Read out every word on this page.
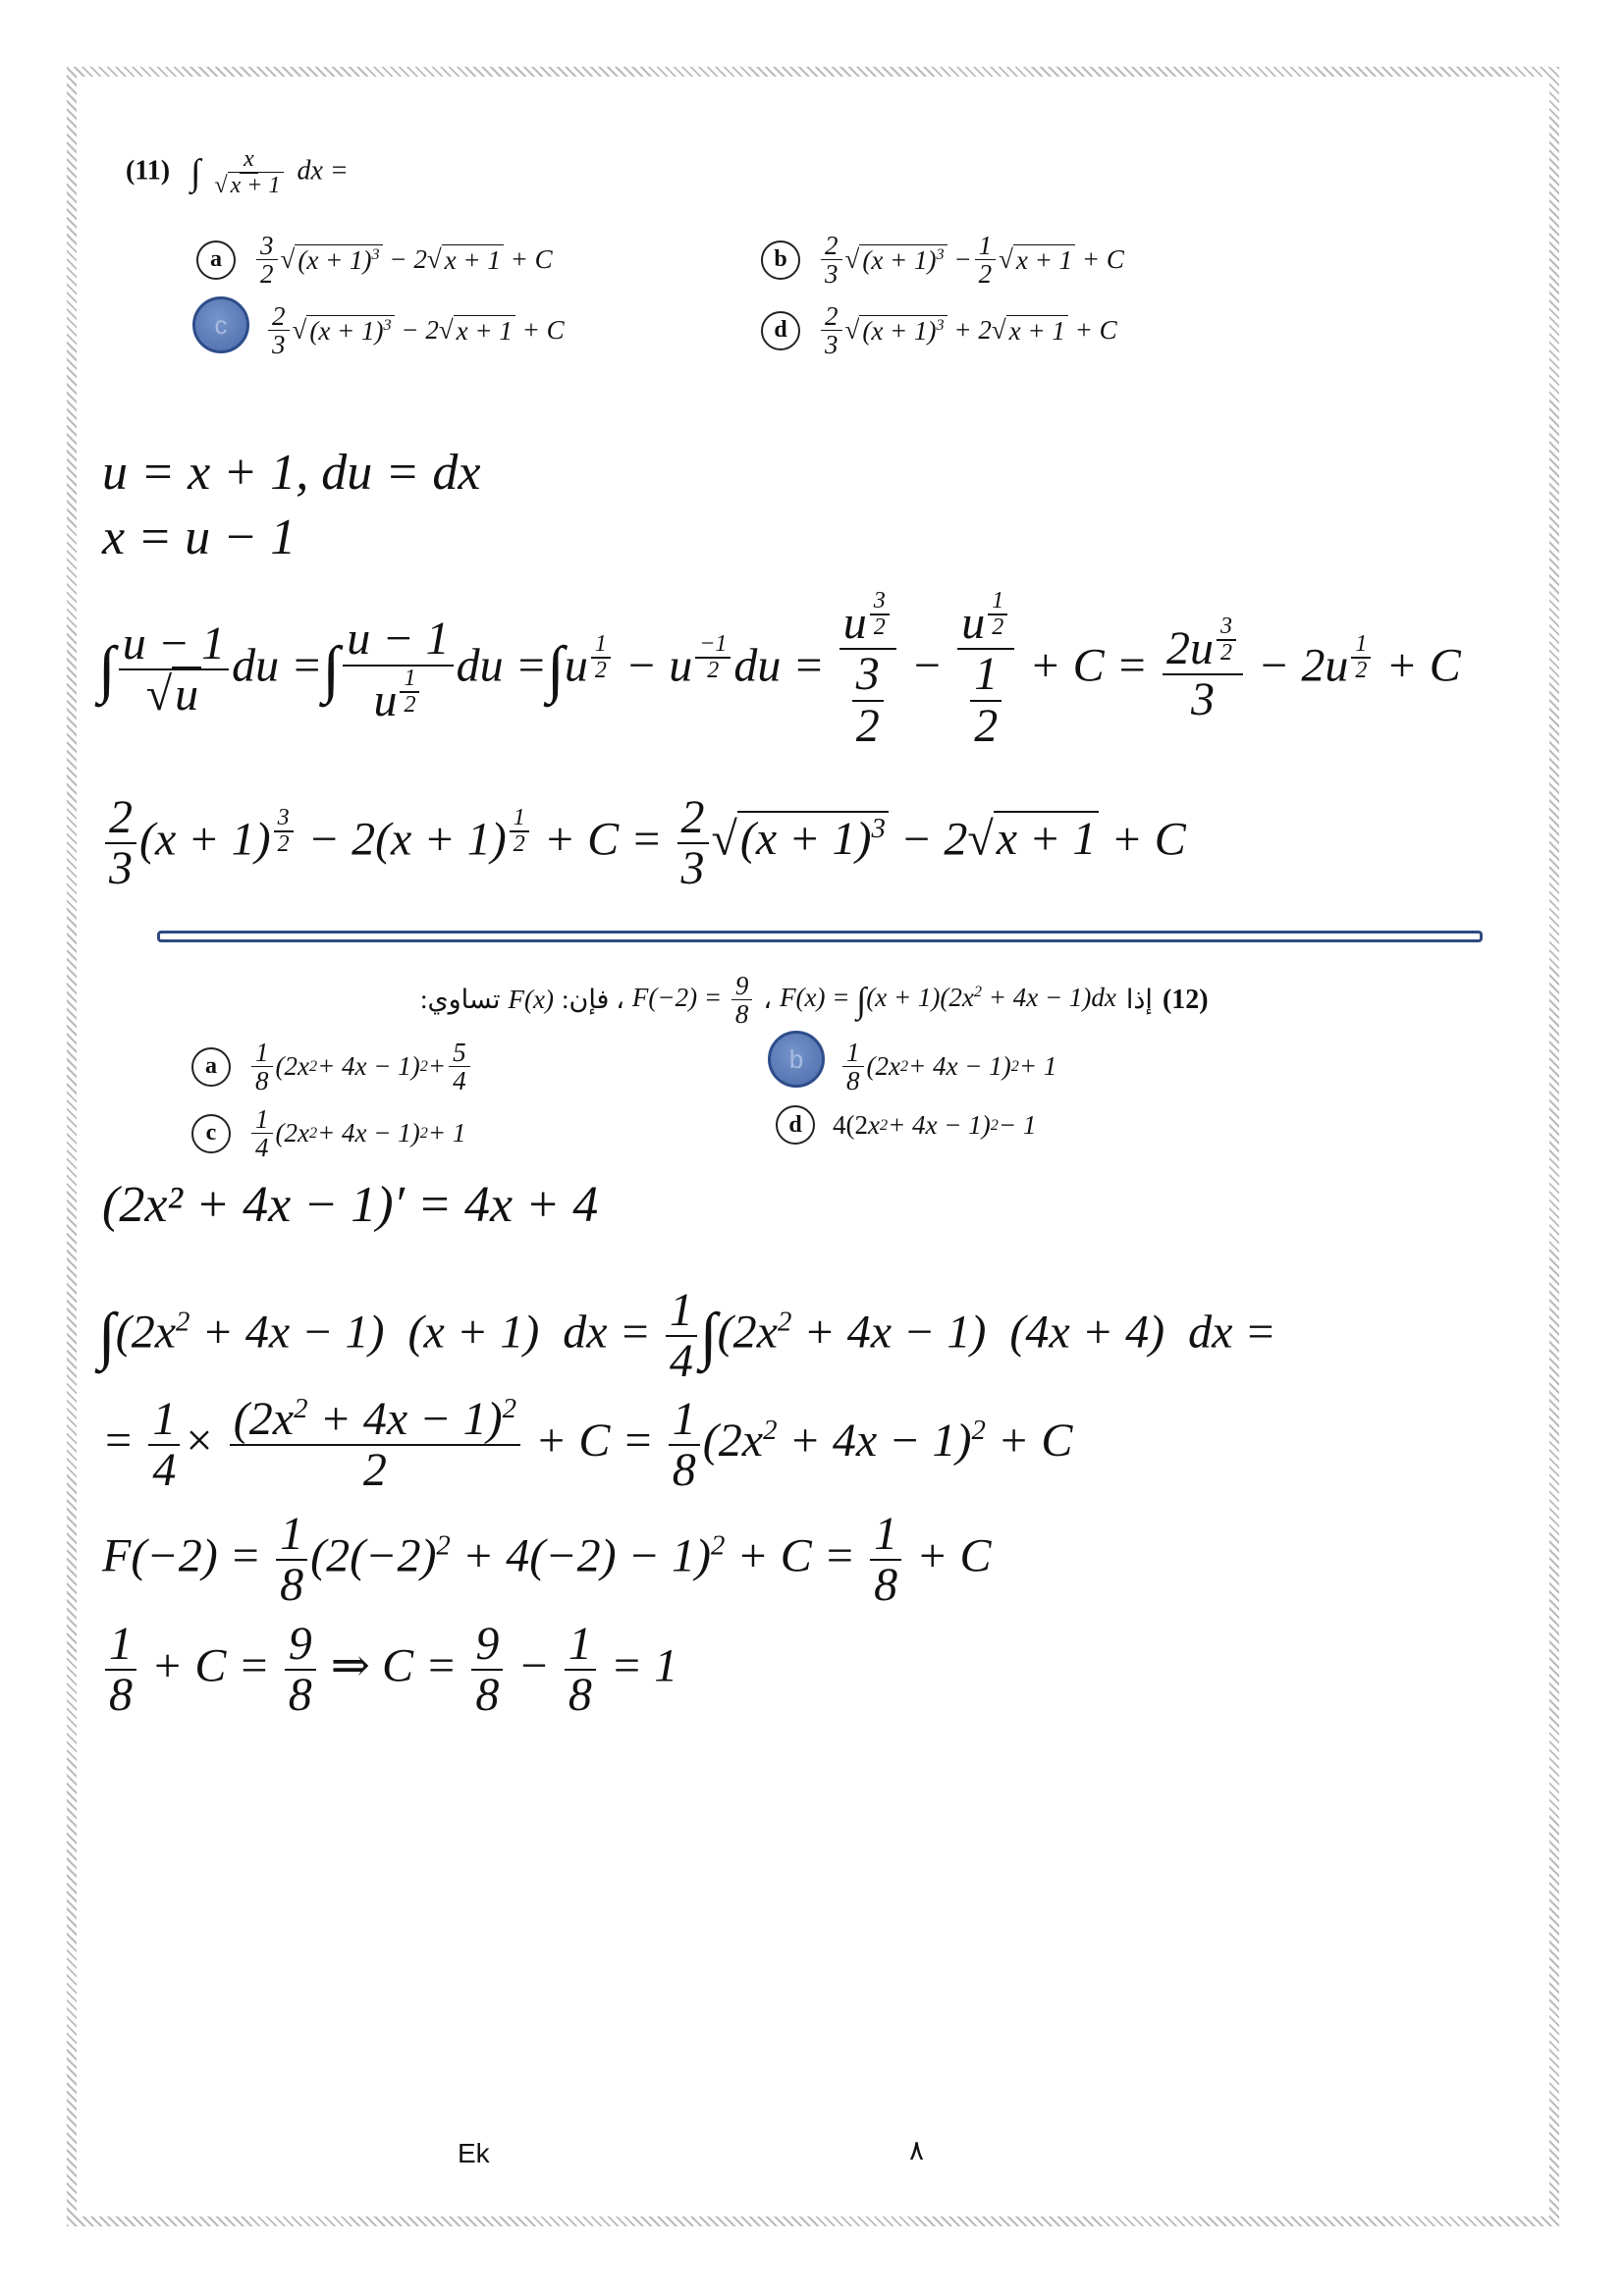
(11) ∫ $\frac{x}{√ x + 1}$ dx =
a	$\frac{3}{2}$ √ $(x + 1)^3 - 2$ √ x + 1 + C	b	$\frac{2}{3}$ √ $(x + 1)^3 - \frac{1}{2}$ √ x + 1 + C
c	$\frac{2}{3}$ √ $(x + 1)^3 - 2$ √ x + 1 + C	d	$\frac{2}{3}$ √ $(x + 1)^3 + 2$ √ x + 1 + C
u = x + 1, du = dx
x = u − 1
∫ $\frac{u - 1}{√u}$ du =∫ u − 1
u $^{\frac{1}{2}}$ du =∫u $^{\frac{1}{2}}$ − u $^{\frac{-1}{2}}$ du = u $^{\frac{3}{2}}$
$\frac{3}{2} - u$ $^{\frac{1}{2}}$
$\frac{1}{2} + C = 2u$ $^{\frac{3}{2}}$
3 − 2u $^{\frac{1}{2}}$ + C
$\frac{2}{3} (x + 1) ^{\frac{3}{2}} - 2(x + 1) ^{\frac{1}{2}} + C = \frac{2}{3} √(x + 1)^3 - 2√x + 1 + C$
(12)
إذا
$F(x) = \int(x + 1)(2x^2 + 4x - 1)dx$
،
$F(-2) = \frac{9}{8}$
، فإن:
F(x)
تساوي:
a	$\frac{1}{8} (2x$ 2 + 4x − 1) $2 + \frac{5}{4}$	b	$\frac{1}{8} (2x$ 2 + 4x − 1) 2 + 1
c	$\frac{1}{4} (2x$ 2 + 4x − 1) 2 + 1	d	4(2 x 2 + 4x − 1) 2 − 1
(2x² + 4x − 1)′ = 4x + 4
$\int(2x^2 + 4x - 1) (x + 1)$  dx = $\frac{1}{4} \int(2x^2 + 4x - 1) (4x + 4)$  dx =
= $\frac{1}{4} \times \frac{(2x^2 + 4x - 1)^2}{2} + C = \frac{1}{8} (2x^2 + 4x - 1)^2 + C$
$F(-2) = \frac{1}{8} (2(-2)^2 + 4(-2) - 1)^2 + C = \frac{1}{8} + C$
$\frac{1}{8} + C = \frac{9}{8}$ ⇒ $C = \frac{9}{8} - \frac{1}{8} = 1$
Ek	٨
